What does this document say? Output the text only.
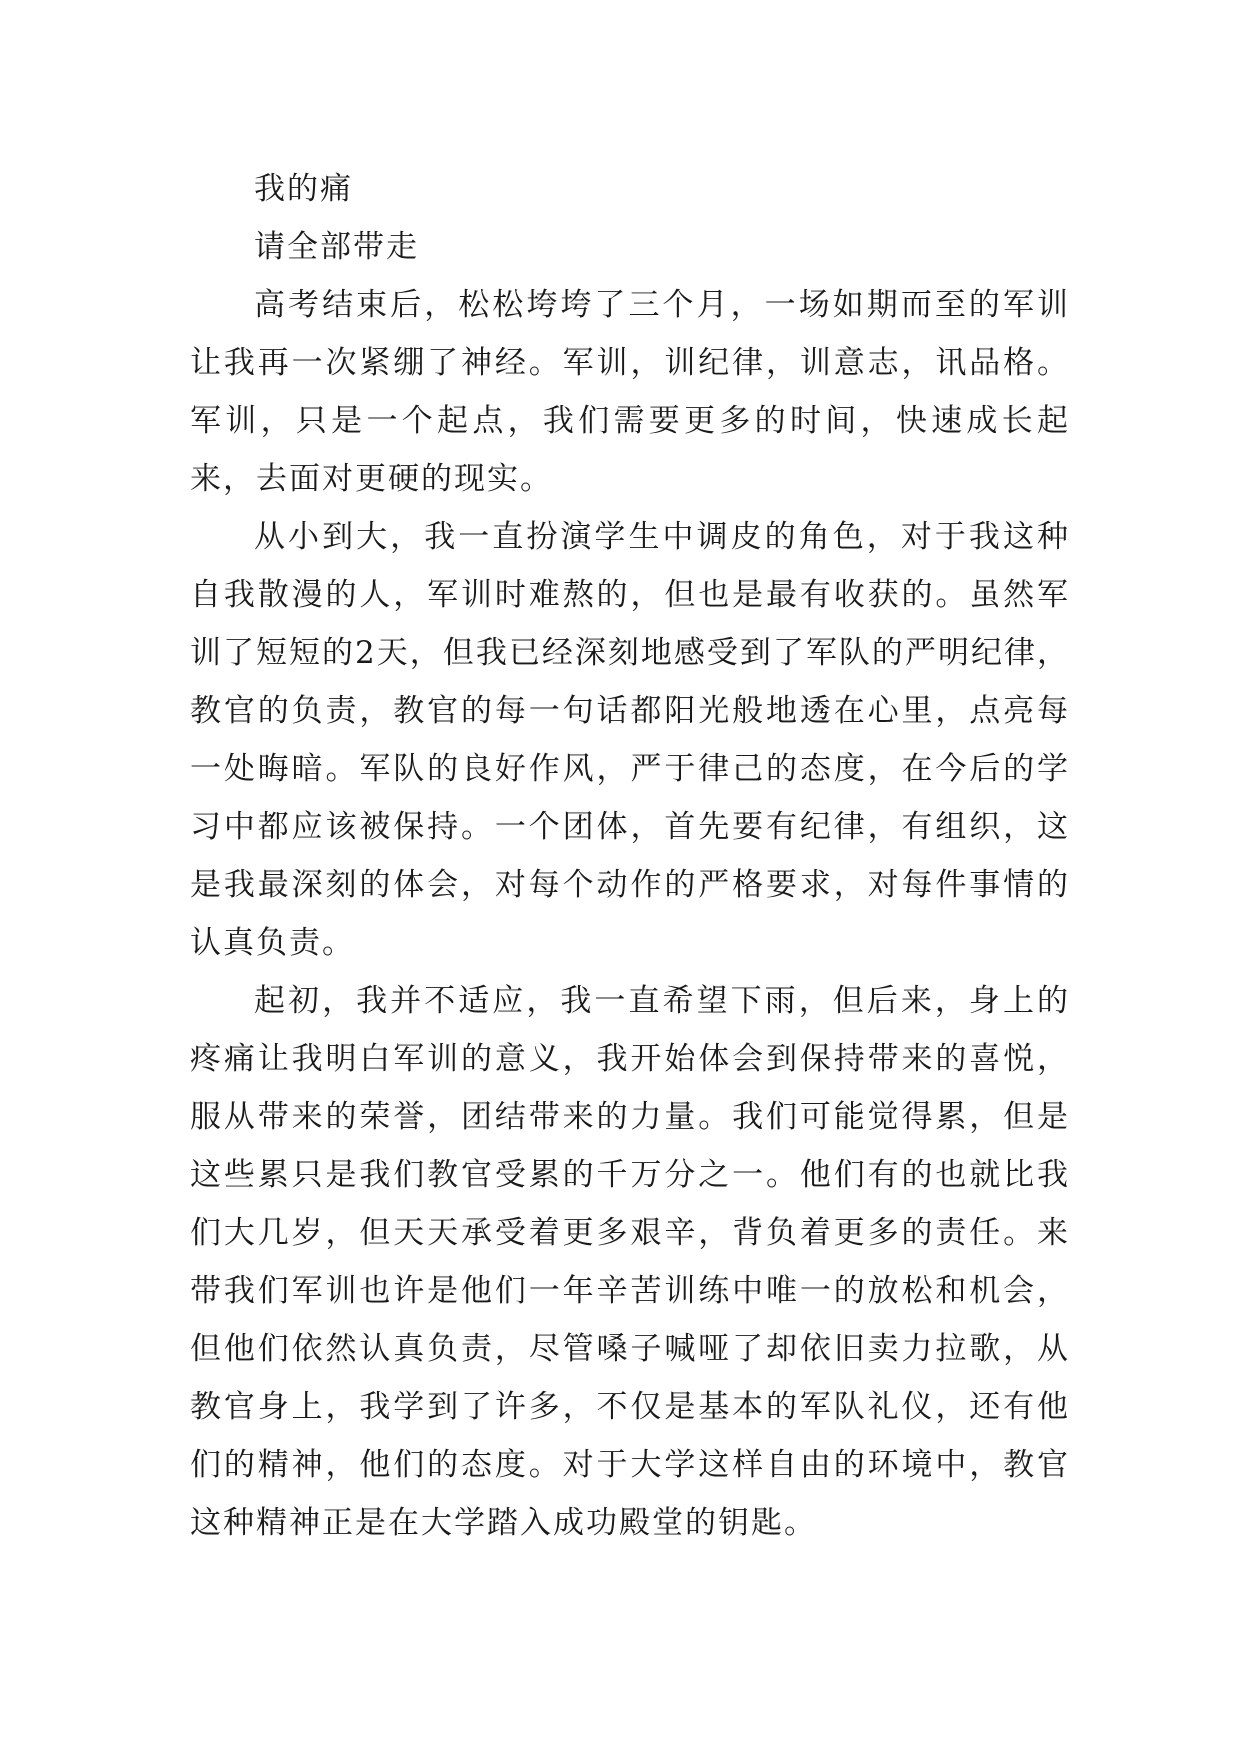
我的痛

请全部带走

高考结束后，松松垮垮了三个月，一场如期而至的军训让我再一次紧绷了神经。军训，训纪律，训意志，讯品格。军训，只是一个起点，我们需要更多的时间，快速成长起来，去面对更硬的现实。

从小到大，我一直扮演学生中调皮的角色，对于我这种自我散漫的人，军训时难熬的，但也是最有收获的。虽然军训了短短的2天，但我已经深刻地感受到了军队的严明纪律，教官的负责，教官的每一句话都阳光般地透在心里，点亮每一处晦暗。军队的良好作风，严于律己的态度，在今后的学习中都应该被保持。一个团体，首先要有纪律，有组织，这是我最深刻的体会，对每个动作的严格要求，对每件事情的认真负责。

起初，我并不适应，我一直希望下雨，但后来，身上的疼痛让我明白军训的意义，我开始体会到保持带来的喜悦，服从带来的荣誉，团结带来的力量。我们可能觉得累，但是这些累只是我们教官受累的千万分之一。他们有的也就比我们大几岁，但天天承受着更多艰辛，背负着更多的责任。来带我们军训也许是他们一年辛苦训练中唯一的放松和机会，但他们依然认真负责，尽管嗓子喊哑了却依旧卖力拉歌，从教官身上，我学到了许多，不仅是基本的军队礼仪，还有他们的精神，他们的态度。对于大学这样自由的环境中，教官这种精神正是在大学踏入成功殿堂的钥匙。
